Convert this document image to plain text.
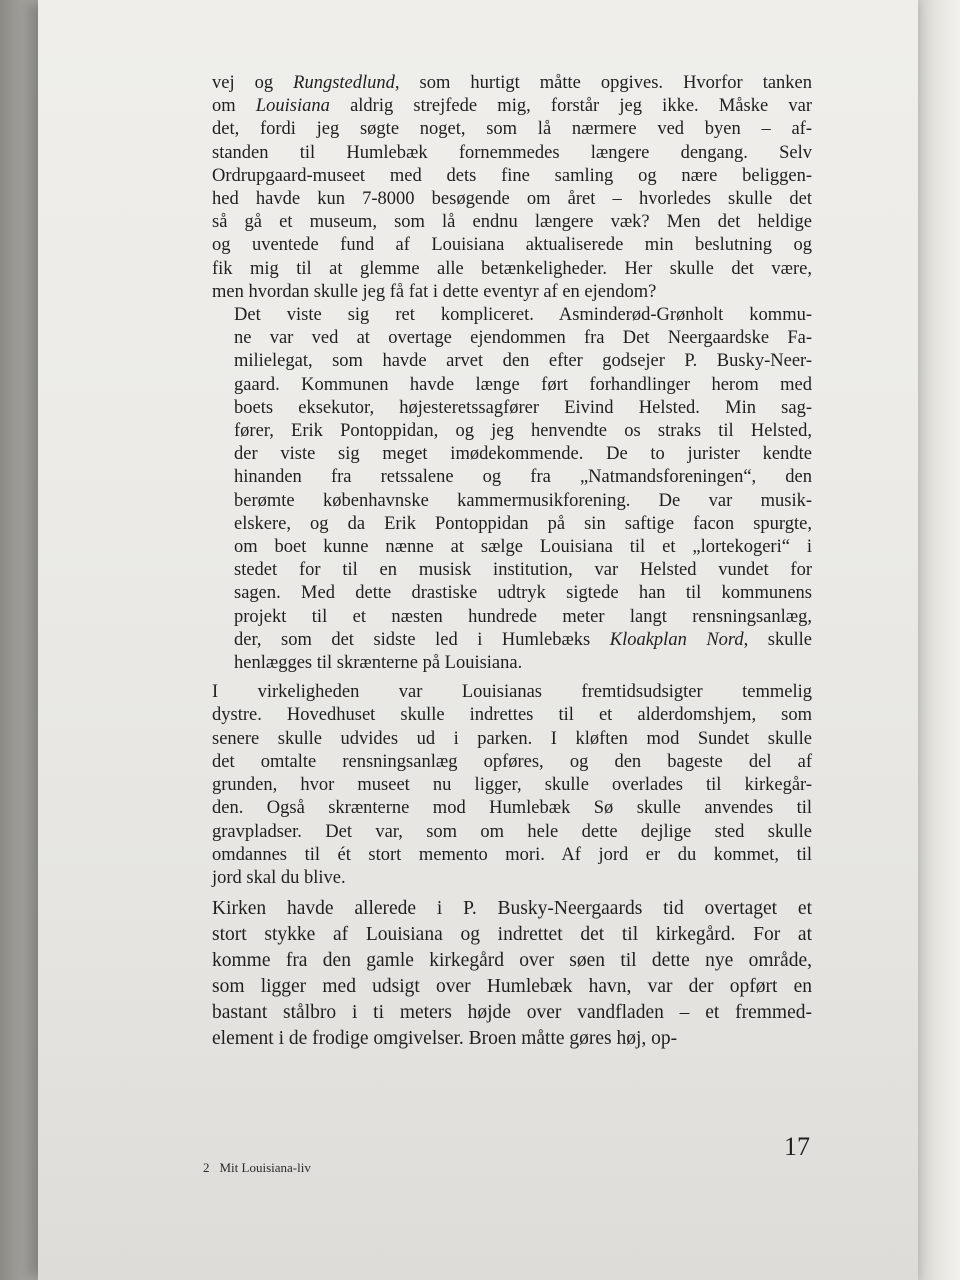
vej og Rungstedlund, som hurtigt måtte opgives. Hvorfor tanken
om Louisiana aldrig strejfede mig, forstår jeg ikke. Måske var
det, fordi jeg søgte noget, som lå nærmere ved byen – af-
standen til Humlebæk fornemmedes længere dengang. Selv
Ordrupgaard-museet med dets fine samling og nære beliggen-
hed havde kun 7-8000 besøgende om året – hvorledes skulle det
så gå et museum, som lå endnu længere væk? Men det heldige
og uventede fund af Louisiana aktualiserede min beslutning og
fik mig til at glemme alle betænkeligheder. Her skulle det være,
men hvordan skulle jeg få fat i dette eventyr af en ejendom?
Det viste sig ret kompliceret. Asminderød-Grønholt kommu-
ne var ved at overtage ejendommen fra Det Neergaardske Fa-
milielegat, som havde arvet den efter godsejer P. Busky-Neer-
gaard. Kommunen havde længe ført forhandlinger herom med
boets eksekutor, højesteretssagfører Eivind Helsted. Min sag-
fører, Erik Pontoppidan, og jeg henvendte os straks til Helsted,
der viste sig meget imødekommende. De to jurister kendte
hinanden fra retssalene og fra „Natmandsforeningen“, den
berømte københavnske kammermusikforening. De var musik-
elskere, og da Erik Pontoppidan på sin saftige facon spurgte,
om boet kunne nænne at sælge Louisiana til et „lortekogeri“ i
stedet for til en musisk institution, var Helsted vundet for
sagen. Med dette drastiske udtryk sigtede han til kommunens
projekt til et næsten hundrede meter langt rensningsanlæg,
der, som det sidste led i Humlebæks Kloakplan Nord, skulle
henlægges til skrænterne på Louisiana.
I virkeligheden var Louisianas fremtidsudsigter temmelig
dystre. Hovedhuset skulle indrettes til et alderdomshjem, som
senere skulle udvides ud i parken. I kløften mod Sundet skulle
det omtalte rensningsanlæg opføres, og den bageste del af
grunden, hvor museet nu ligger, skulle overlades til kirkegår-
den. Også skrænterne mod Humlebæk Sø skulle anvendes til
gravpladser. Det var, som om hele dette dejlige sted skulle
omdannes til ét stort memento mori. Af jord er du kommet, til
jord skal du blive.
Kirken havde allerede i P. Busky-Neergaards tid overtaget et
stort stykke af Louisiana og indrettet det til kirkegård. For at
komme fra den gamle kirkegård over søen til dette nye område,
som ligger med udsigt over Humlebæk havn, var der opført en
bastant stålbro i ti meters højde over vandfladen – et fremmed-
element i de frodige omgivelser. Broen måtte gøres høj, op-
17
2 Mit Louisiana-liv
